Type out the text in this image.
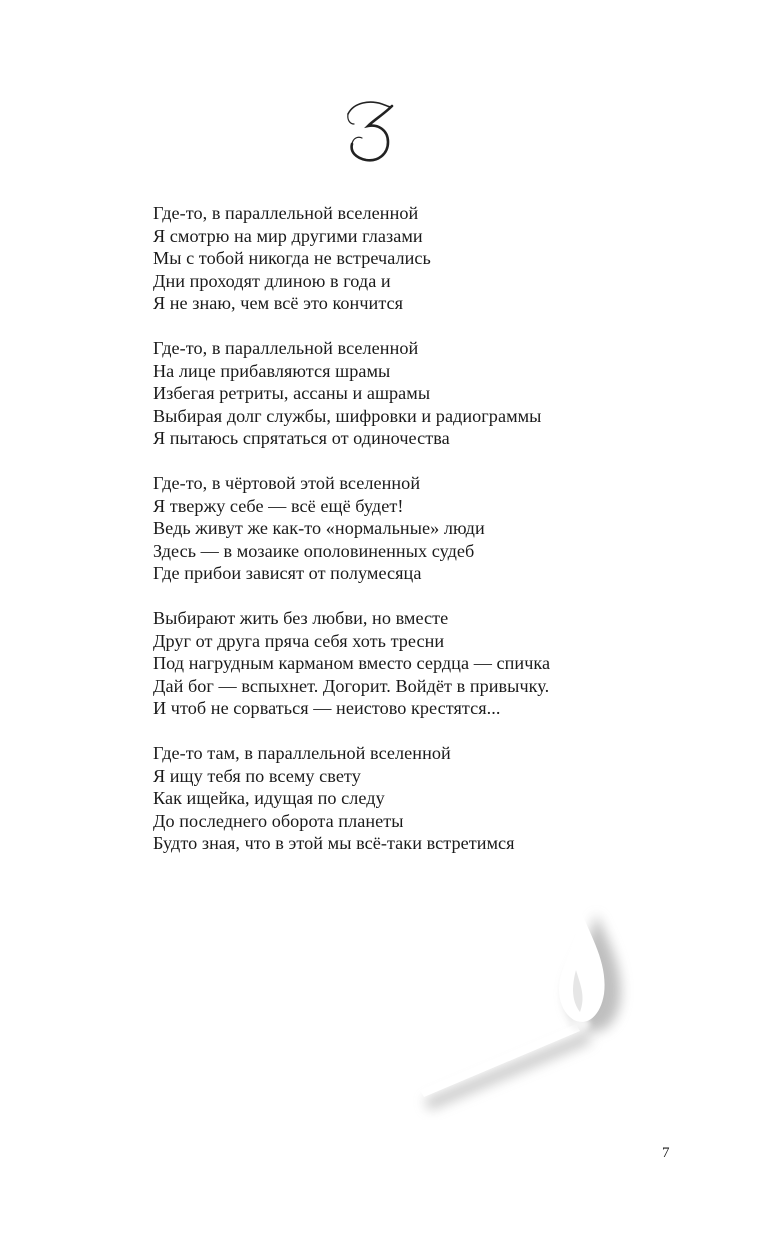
Где-то, в параллельной вселенной
Я смотрю на мир другими глазами
Мы с тобой никогда не встречались
Дни проходят длиною в года и
Я не знаю, чем всё это кончится
Где-то, в параллельной вселенной
На лице прибавляются шрамы
Избегая ретриты, ассаны и ашрамы
Выбирая долг службы, шифровки и радиограммы
Я пытаюсь спрятаться от одиночества
Где-то, в чёртовой этой вселенной
Я твержу себе — всё ещё будет!
Ведь живут же как-то «нормальные» люди
Здесь — в мозаике ополовиненных судеб
Где прибои зависят от полумесяца
Выбирают жить без любви, но вместе
Друг от друга пряча себя хоть тресни
Под нагрудным карманом вместо сердца — спичка
Дай бог — вспыхнет. Догорит. Войдёт в привычку.
И чтоб не сорваться — неистово крестятся...
Где-то там, в параллельной вселенной
Я ищу тебя по всему свету
Как ищейка, идущая по следу
До последнего оборота планеты
Будто зная, что в этой мы всё-таки встретимся
7
